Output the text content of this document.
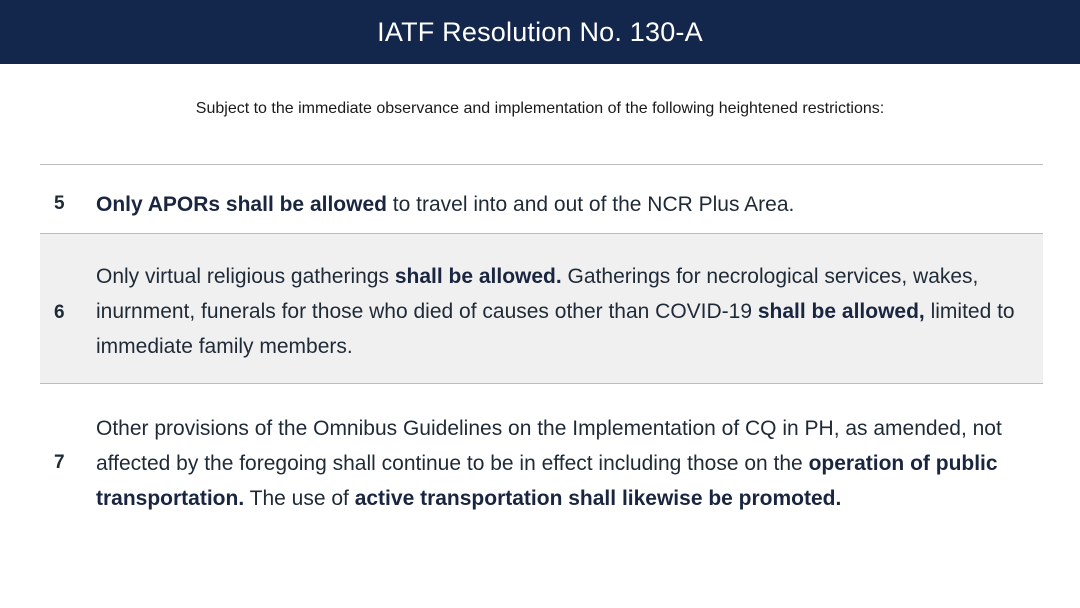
IATF Resolution No. 130-A
Subject to the immediate observance and implementation of the following heightened restrictions:
5	Only APORs shall be allowed to travel into and out of the NCR Plus Area.
6
Only virtual religious gatherings shall be allowed. Gatherings for necrological services, wakes, inurnment, funerals for those who died of causes other than COVID-19 shall be allowed, limited to immediate family members.
7
Other provisions of the Omnibus Guidelines on the Implementation of CQ in PH, as amended, not affected by the foregoing shall continue to be in effect including those on the operation of public transportation. The use of active transportation shall likewise be promoted.
